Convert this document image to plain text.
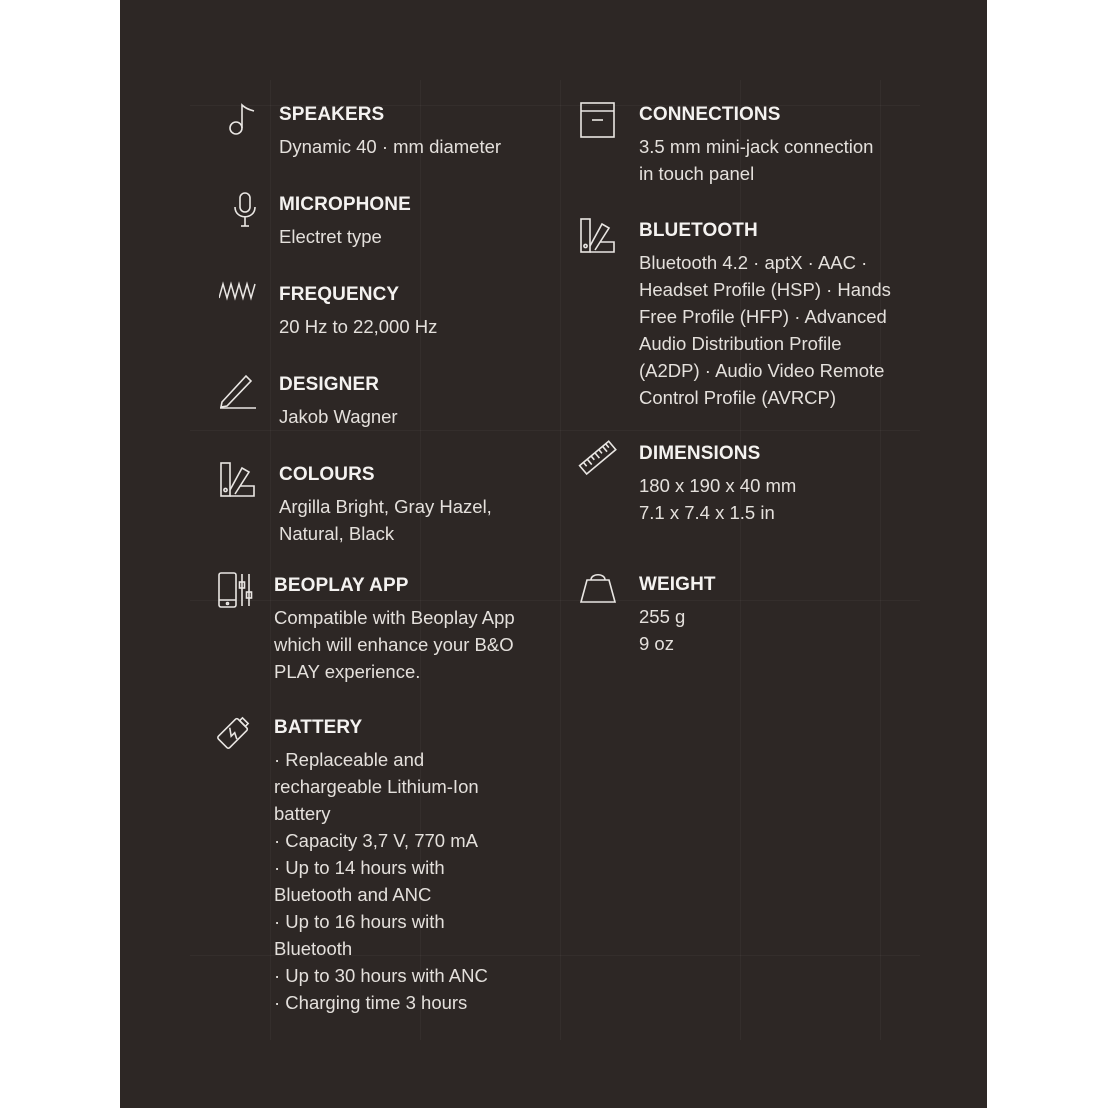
SPEAKERS
Dynamic 40 · mm diameter
MICROPHONE
Electret type
FREQUENCY
20 Hz to 22,000 Hz
DESIGNER
Jakob Wagner
COLOURS
Argilla Bright, Gray Hazel,
Natural, Black
BEOPLAY APP
Compatible with Beoplay App
which will enhance your B&O
PLAY experience.
BATTERY
· Replaceable and
rechargeable Lithium-Ion
battery
· Capacity 3,7 V, 770 mA
· Up to 14 hours with
Bluetooth and ANC
· Up to 16 hours with
Bluetooth
· Up to 30 hours with ANC
· Charging time 3 hours
CONNECTIONS
3.5 mm mini-jack connection
in touch panel
BLUETOOTH
Bluetooth 4.2 · aptX · AAC ·
Headset Profile (HSP) · Hands
Free Profile (HFP) · Advanced
Audio Distribution Profile
(A2DP) · Audio Video Remote
Control Profile (AVRCP)
DIMENSIONS
180 x 190 x 40 mm
7.1 x 7.4 x 1.5 in
WEIGHT
255 g
9 oz
